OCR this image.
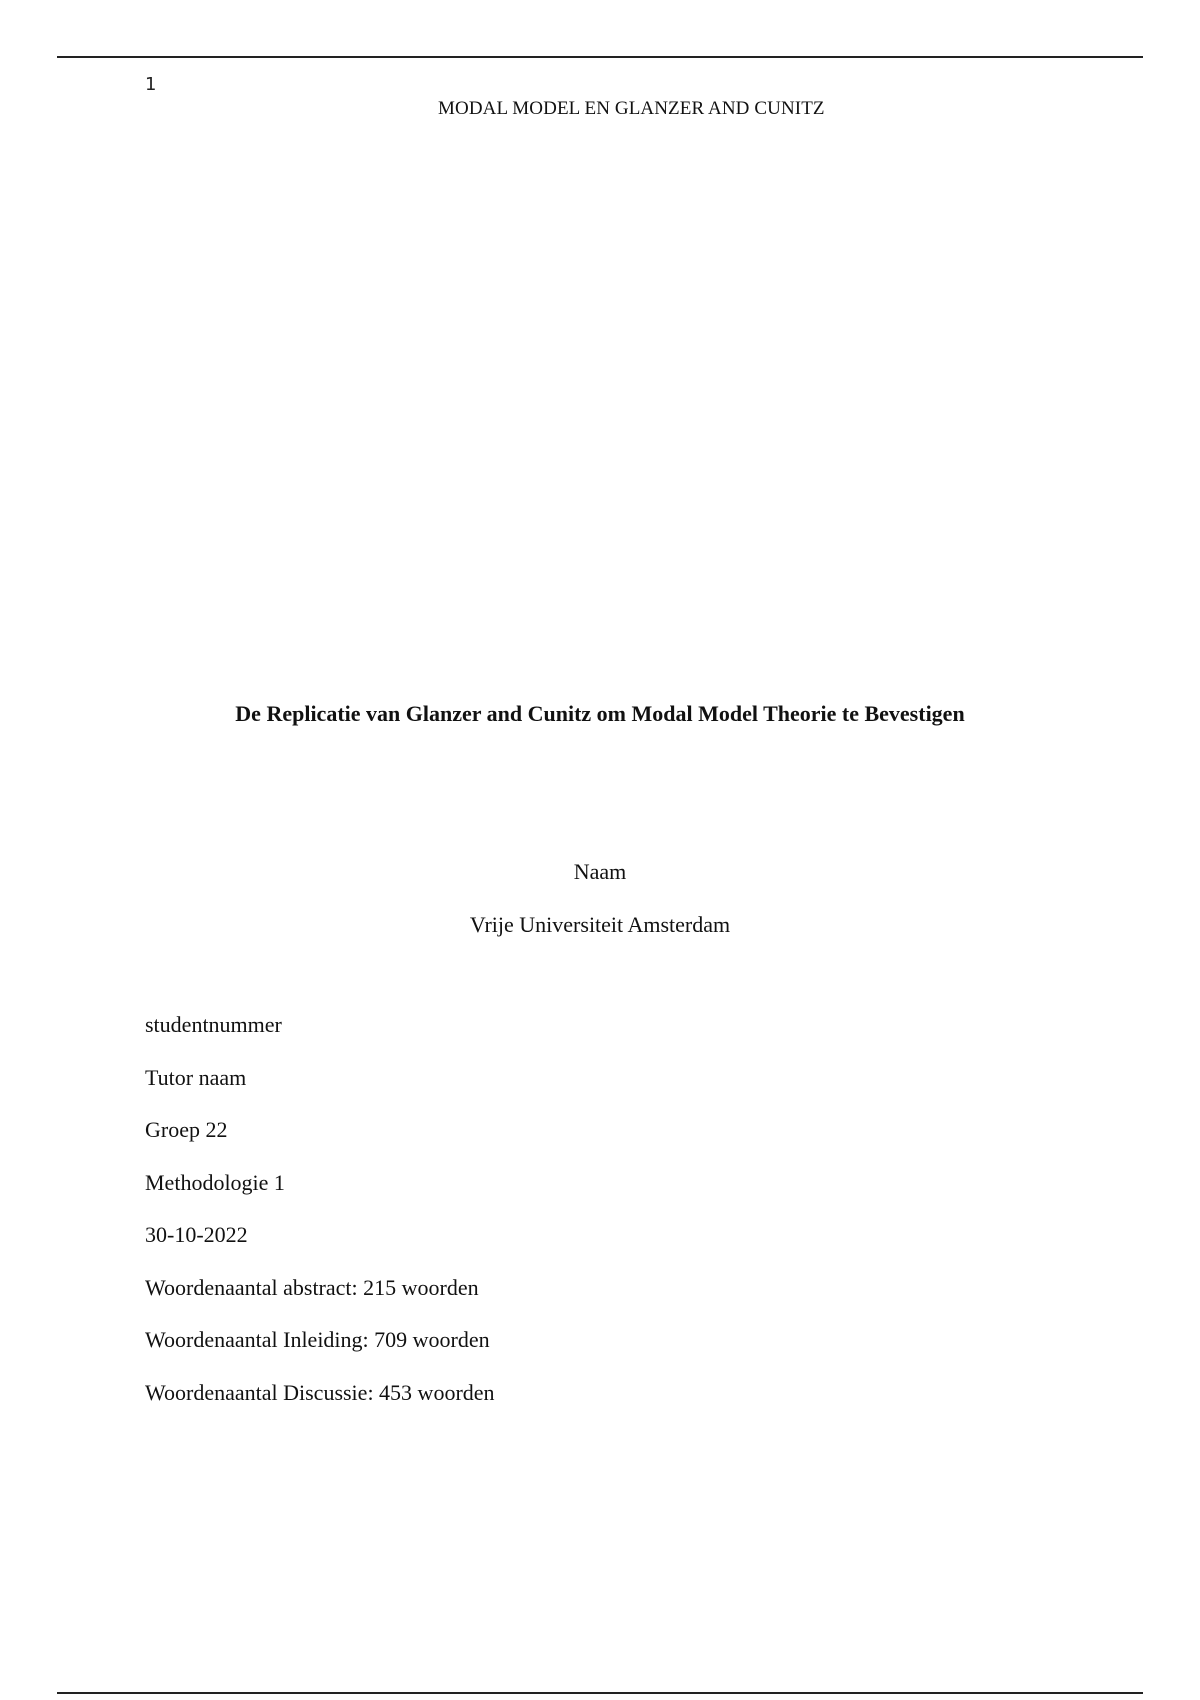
1
MODAL MODEL EN GLANZER AND CUNITZ
De Replicatie van Glanzer and Cunitz om Modal Model Theorie te Bevestigen
Naam
Vrije Universiteit Amsterdam
studentnummer
Tutor naam
Groep 22
Methodologie 1
30-10-2022
Woordenaantal abstract: 215 woorden
Woordenaantal Inleiding: 709 woorden
Woordenaantal Discussie: 453 woorden
